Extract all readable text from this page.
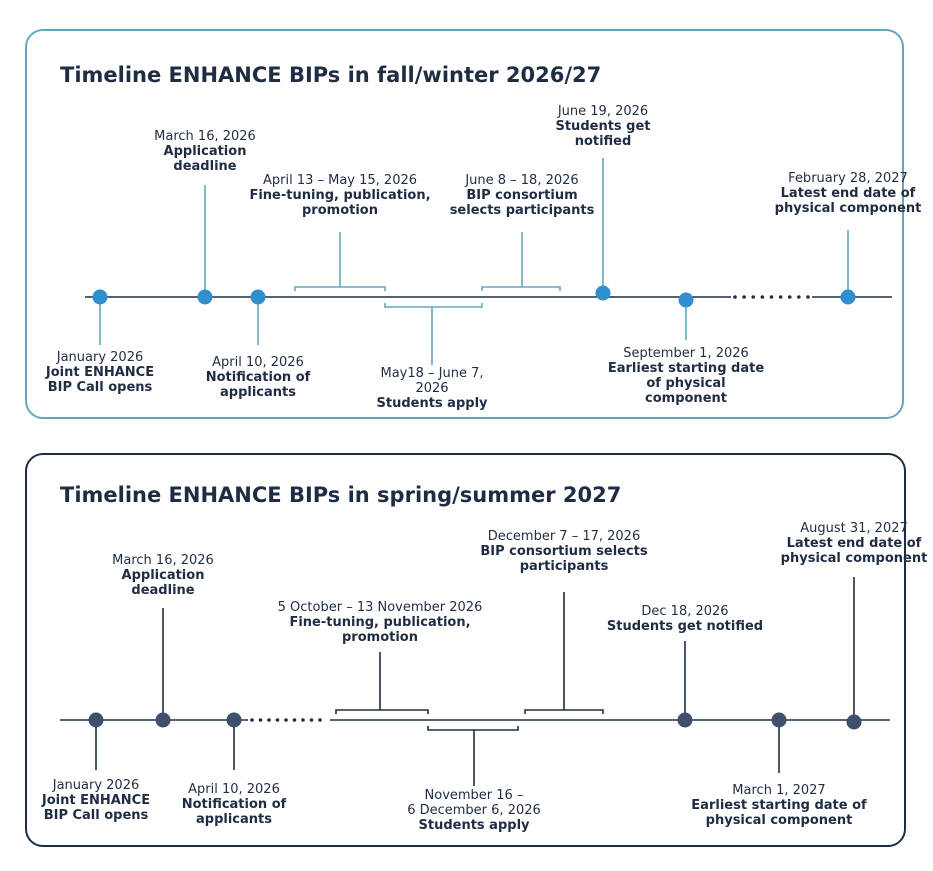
Timeline ENHANCE BIPs in fall/winter 2026/27
Timeline ENHANCE BIPs in spring/summer 2027
January 2026
Joint ENHANCE
BIP Call opens
March 16, 2026
Application
deadline
April 10, 2026
Notification of
applicants
April 13 – May 15, 2026
Fine-tuning, publication,
promotion
May18 – June 7,
2026
Students apply
June 8 – 18, 2026
BIP consortium
selects participants
June 19, 2026
Students get
notified
September 1, 2026
Earliest starting date
of physical
component
February 28, 2027
Latest end date of
physical component
January 2026
Joint ENHANCE
BIP Call opens
March 16, 2026
Application
deadline
April 10, 2026
Notification of
applicants
5 October – 13 November 2026
Fine-tuning, publication,
promotion
November 16 –
6 December 6, 2026
Students apply
December 7 – 17, 2026
BIP consortium selects
participants
Dec 18, 2026
Students get notified
March 1, 2027
Earliest starting date of
physical component
August 31, 2027
Latest end date of
physical component
